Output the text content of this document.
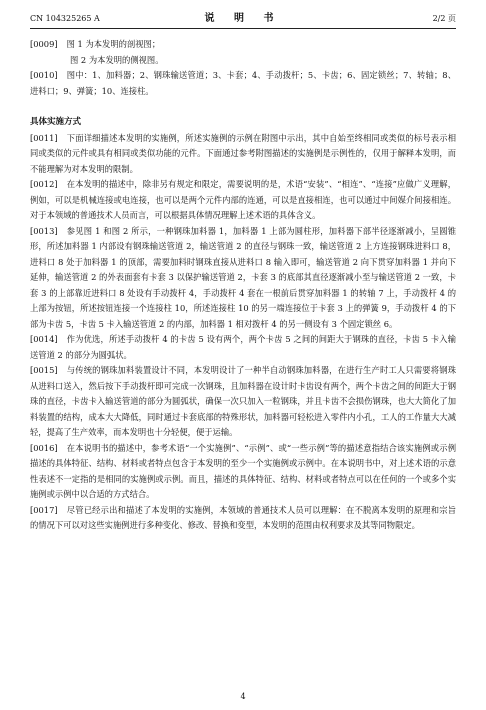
CN 104325265 A	说 明 书	2/2 页

[0009] 图 1 为本发明的剖视图；

图 2 为本发明的侧视图。

[0010] 图中：1、加料器；2、钢珠输送管道；3、卡套；4、手动拨杆；5、卡齿；6、固定锁丝；7、转轴；8、进料口；9、弹簧；10、连接柱。

具体实施方式

[0011] 下面详细描述本发明的实施例，所述实施例的示例在附图中示出，其中自始至终相同或类似的标号表示相同或类似的元件或具有相同或类似功能的元件。下面通过参考附图描述的实施例是示例性的，仅用于解释本发明，而不能理解为对本发明的限制。

[0012] 在本发明的描述中，除非另有规定和限定，需要说明的是，术语“安装”、“相连”、“连接”应做广义理解，例如，可以是机械连接或电连接，也可以是两个元件内部的连通，可以是直接相连，也可以通过中间媒介间接相连。对于本领域的普通技术人员而言，可以根据具体情况理解上述术语的具体含义。

[0013] 参见图 1 和图 2 所示，一种钢珠加料器 1，加料器 1 上部为圆柱形，加料器下部半径逐渐减小，呈圆锥形，所述加料器 1 内部设有钢珠输送管道 2，输送管道 2 的直径与钢珠一致，输送管道 2 上方连接钢珠进料口 8，进料口 8 处于加料器 1 的顶部，需要加料时钢珠直接从进料口 8 输入即可，输送管道 2 向下贯穿加料器 1 并向下延伸，输送管道 2 的外表面套有卡套 3 以保护输送管道 2，卡套 3 的底部其直径逐渐减小至与输送管道 2 一致，卡套 3 的上部靠近进料口 8 处设有手动拨杆 4，手动拨杆 4 套在一根前后贯穿加料器 1 的转轴 7 上，手动拨杆 4 的上部为按钮，所述按钮连接一个连接柱 10，所述连接柱 10 的另一端连接位于卡套 3 上的弹簧 9，手动拨杆 4 的下部为卡齿 5，卡齿 5 卡入输送管道 2 的内部，加料器 1 相对拨杆 4 的另一侧设有 3 个固定锁丝 6。

[0014] 作为优选，所述手动拨杆 4 的卡齿 5 设有两个，两个卡齿 5 之间的间距大于钢珠的直径，卡齿 5 卡入输送管道 2 的部分为圆弧状。

[0015] 与传统的钢珠加料装置设计不同，本发明设计了一种半自动钢珠加料器，在进行生产时工人只需要将钢珠从进料口送入，然后按下手动拨杆即可完成一次钢珠，且加料器在设计时卡齿设有两个，两个卡齿之间的间距大于钢珠的直径，卡齿卡入输送管道的部分为圆弧状，确保一次只加入一粒钢珠，并且卡齿不会损伤钢珠，也大大简化了加料装置的结构，成本大大降低，同时通过卡套底部的特殊形状，加料器可轻松进入零件内小孔，工人的工作量大大减轻，提高了生产效率，而本发明也十分轻便，便于运输。

[0016] 在本说明书的描述中，参考术语“一个实施例”、“示例”、或“一些示例”等的描述意指结合该实施例或示例描述的具体特征、结构、材料或者特点包含于本发明的至少一个实施例或示例中。在本说明书中，对上述术语的示意性表述不一定指的是相同的实施例或示例。而且，描述的具体特征、结构、材料或者特点可以在任何的一个或多个实施例或示例中以合适的方式结合。

[0017] 尽管已经示出和描述了本发明的实施例，本领域的普通技术人员可以理解：在不脱离本发明的原理和宗旨的情况下可以对这些实施例进行多种变化、修改、替换和变型，本发明的范围由权利要求及其等同物限定。

4
